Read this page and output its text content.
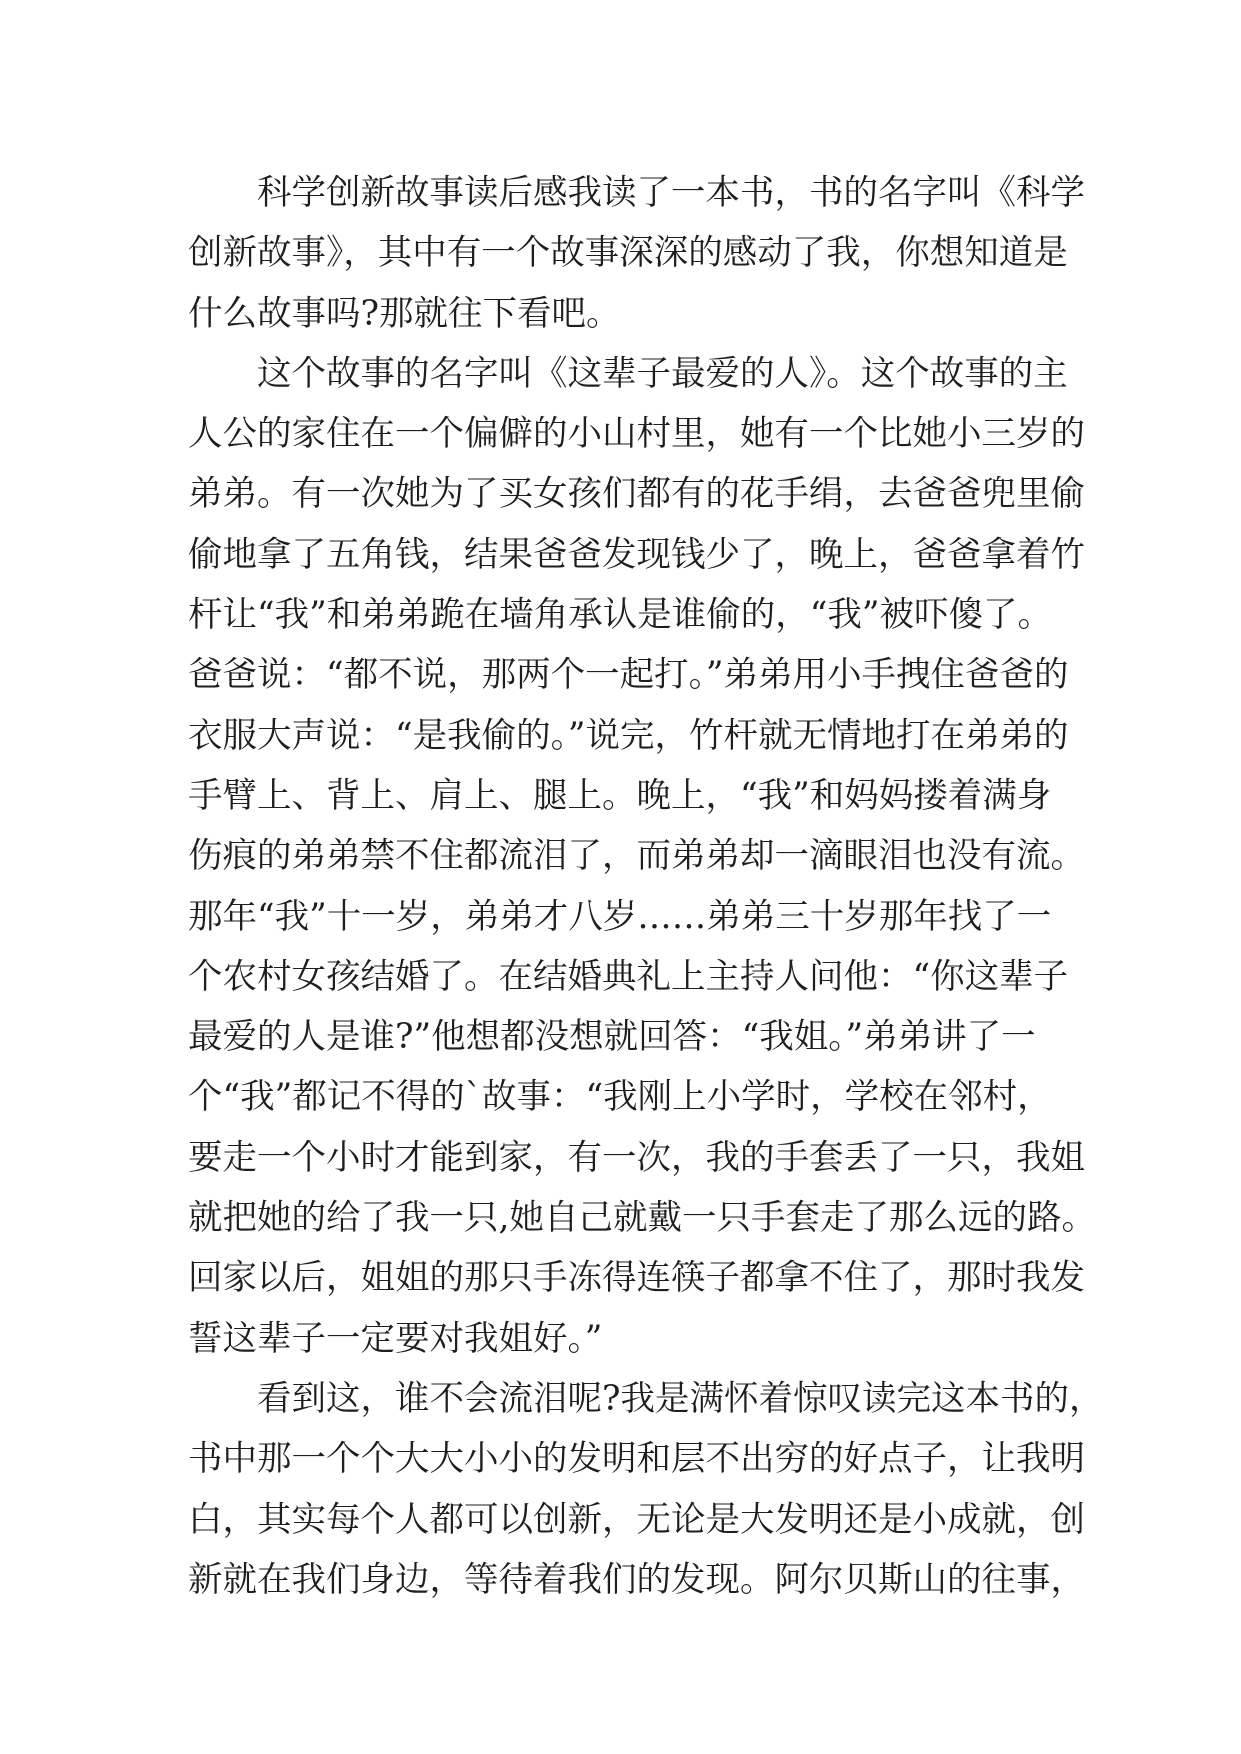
科学创新故事读后感我读了一本书，书的名字叫《科学
创新故事》，其中有一个故事深深的感动了我，你想知道是
什么故事吗?那就往下看吧。

这个故事的名字叫《这辈子最爱的人》。这个故事的主
人公的家住在一个偏僻的小山村里，她有一个比她小三岁的
弟弟。有一次她为了买女孩们都有的花手绢，去爸爸兜里偷
偷地拿了五角钱，结果爸爸发现钱少了，晚上，爸爸拿着竹
杆让“我”和弟弟跪在墙角承认是谁偷的，“我”被吓傻了。
爸爸说：“都不说，那两个一起打。”弟弟用小手拽住爸爸的
衣服大声说：“是我偷的。”说完，竹杆就无情地打在弟弟的
手臂上、背上、肩上、腿上。晚上，“我”和妈妈搂着满身
伤痕的弟弟禁不住都流泪了，而弟弟却一滴眼泪也没有流。
那年“我”十一岁，弟弟才八岁……弟弟三十岁那年找了一
个农村女孩结婚了。在结婚典礼上主持人问他：“你这辈子
最爱的人是谁?”他想都没想就回答：“我姐。”弟弟讲了一
个“我”都记不得的`故事：“我刚上小学时，学校在邻村，
要走一个小时才能到家，有一次，我的手套丢了一只，我姐
就把她的给了我一只,她自己就戴一只手套走了那么远的路。
回家以后，姐姐的那只手冻得连筷子都拿不住了，那时我发
誓这辈子一定要对我姐好。”

看到这，谁不会流泪呢?我是满怀着惊叹读完这本书的，
书中那一个个大大小小的发明和层不出穷的好点子，让我明
白，其实每个人都可以创新，无论是大发明还是小成就，创
新就在我们身边，等待着我们的发现。阿尔贝斯山的往事，
